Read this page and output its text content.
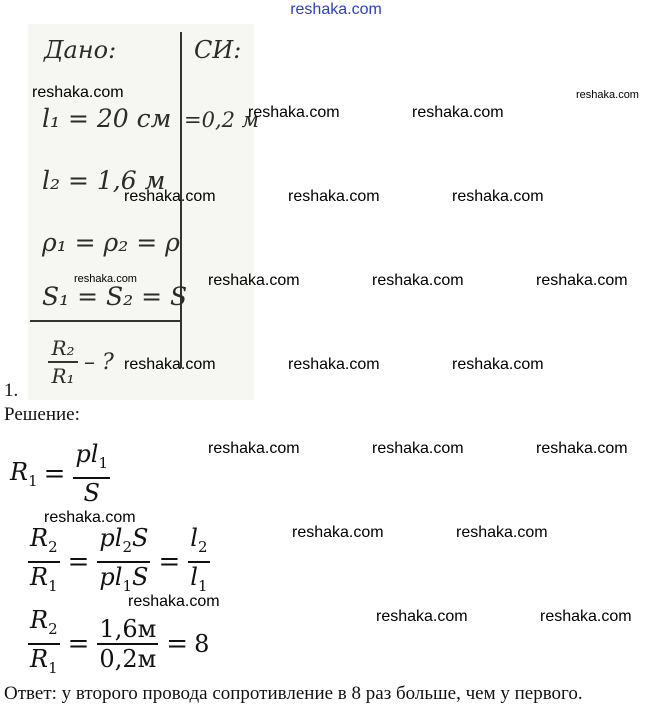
reshaka.com
Дано:	СИ:
l₁ = 20 см =0,2 м
l₂ = 1,6 м
ρ₁ = ρ₂ = ρ
S₁ = S₂ = S
R₂
R₁
– ?
reshaka.com	reshaka.com
reshaka.com	reshaka.com
reshaka.com	reshaka.com	reshaka.com
reshaka.com	reshaka.com	reshaka.com	reshaka.com
reshaka.com	reshaka.com	reshaka.com
reshaka.com	reshaka.com	reshaka.com
reshaka.com
reshaka.com	reshaka.com
reshaka.com
reshaka.com	reshaka.com
1.
Решение:
$R_1 = \frac{pl_1}{S}$
$\frac{R_2}{R_1} = \frac{pl_2S}{pl_1S} = \frac{l_2}{l_1}$
$\frac{R_2}{R_1} = \frac{1,6м}{0,2м} = 8$
Ответ: у второго провода сопротивление в 8 раз больше, чем у первого.
